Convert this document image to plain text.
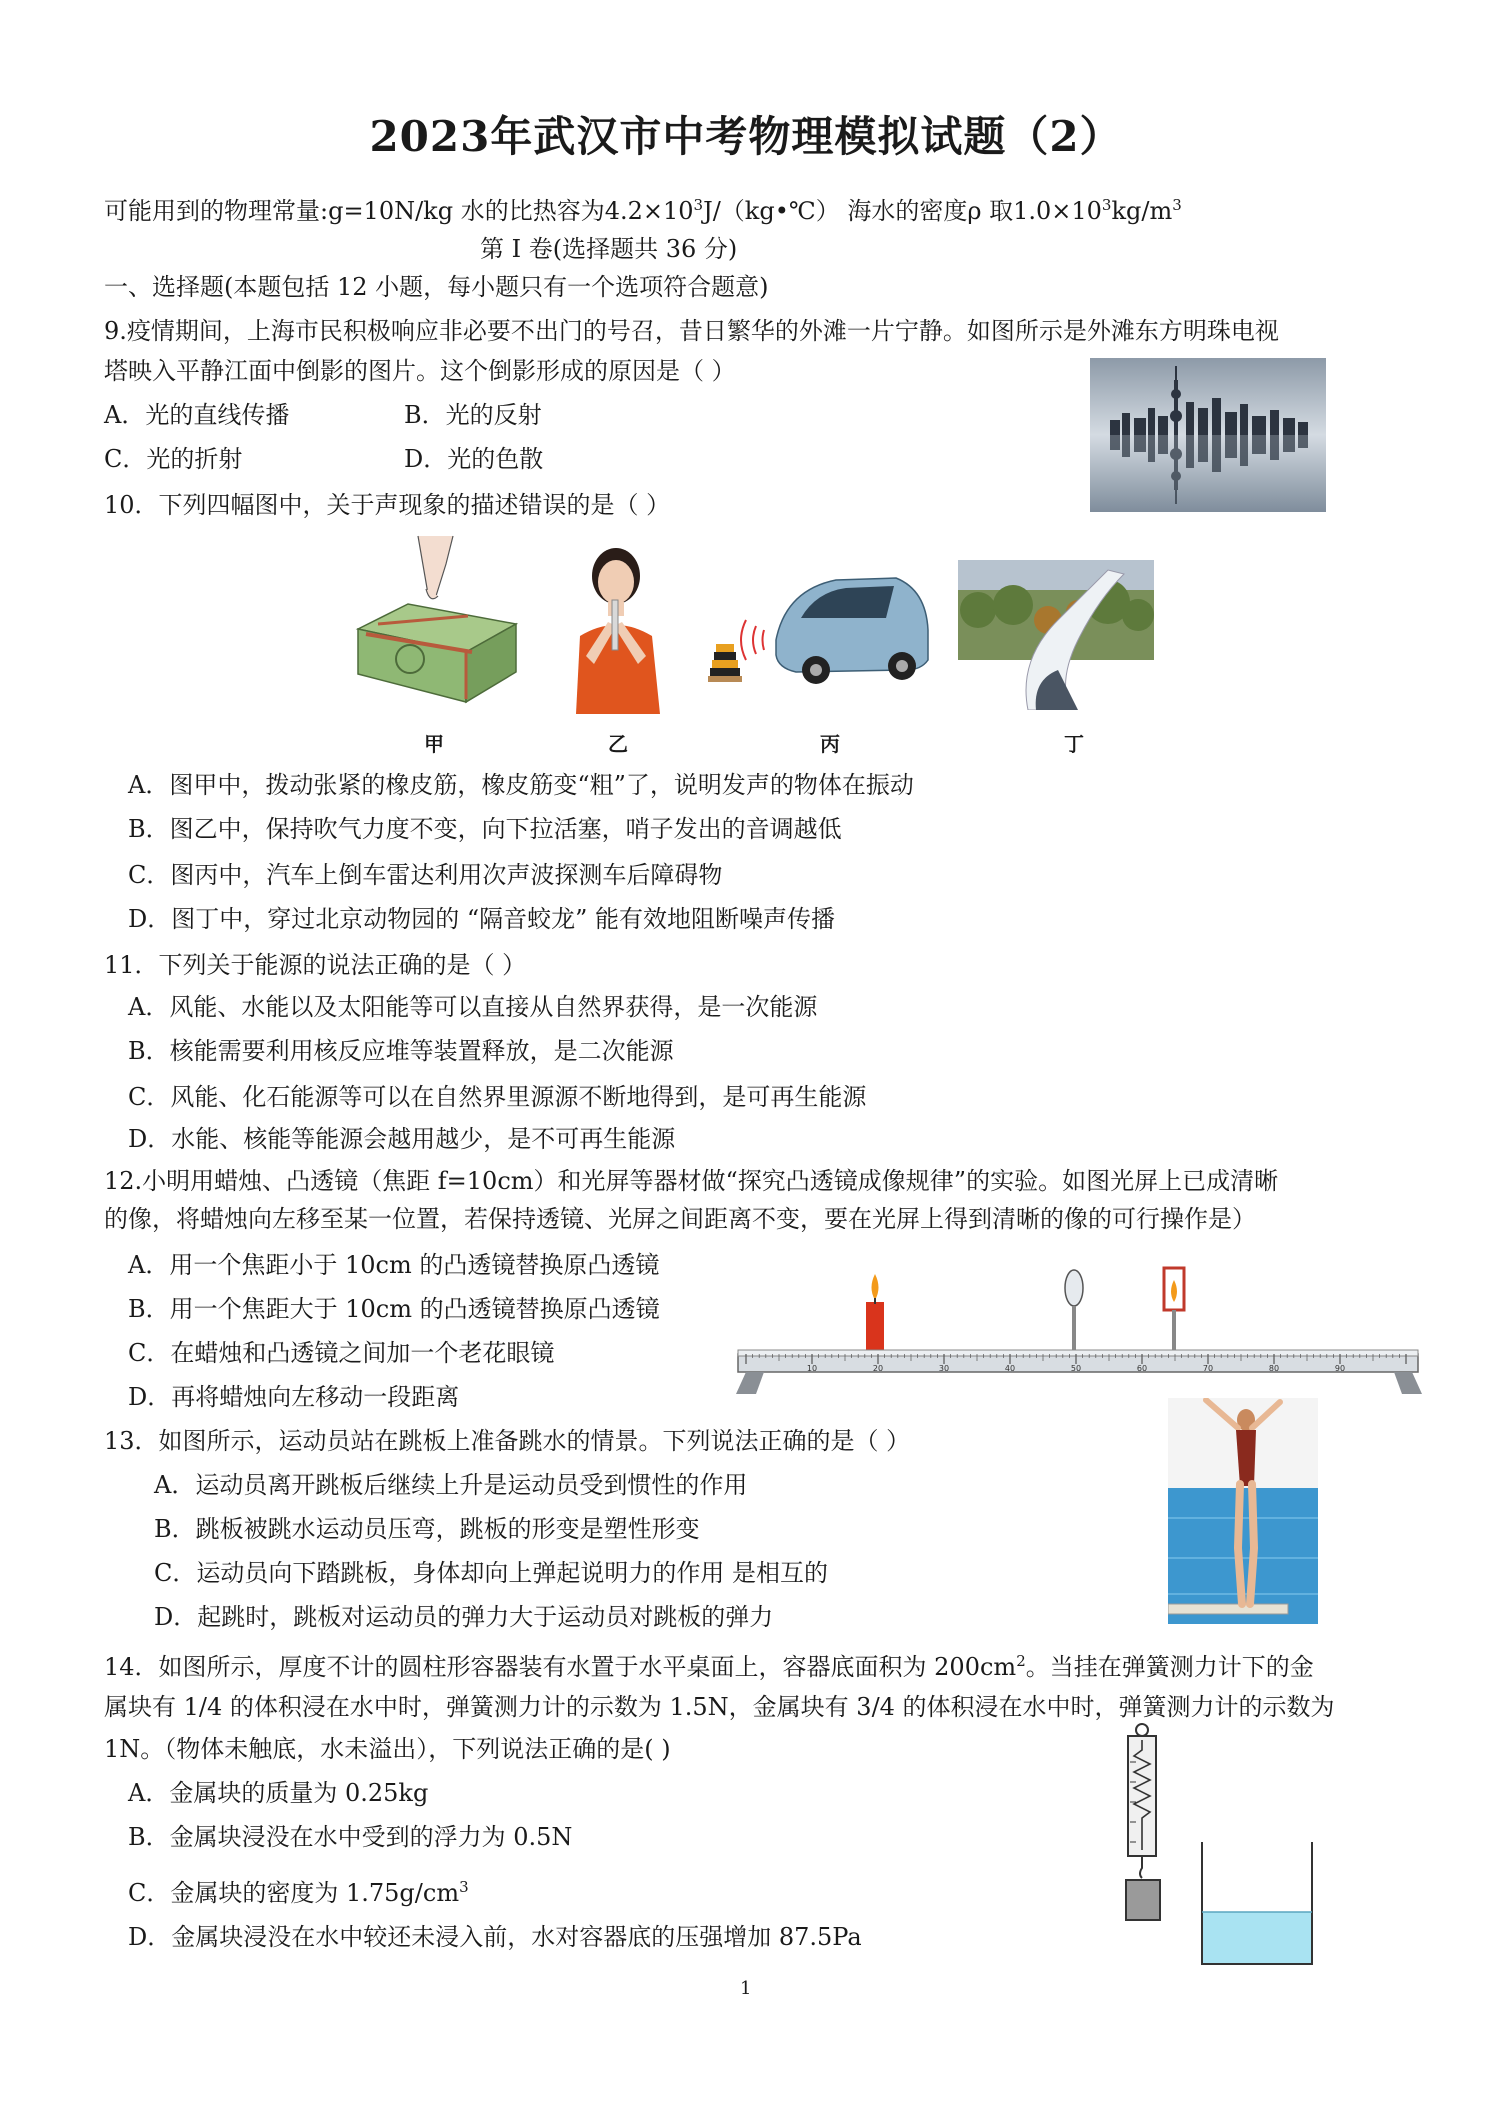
2023年武汉市中考物理模拟试题（2）
可能用到的物理常量:g=10N/kg 水的比热容为$4.2\times 10^3J/(kg•℃)$ 海水的密度ρ 取$1.0\times 10^3kg/m^3$
第 I 卷(选择题共 36 分)
一、选择题(本题包括 12 小题，每小题只有一个选项符合题意)
9.疫情期间，上海市民积极响应非必要不出门的号召，昔日繁华的外滩一片宁静。如图所示是外滩东方明珠电视
塔映入平静江面中倒影的图片。这个倒影形成的原因是（ ）
A．光的直线传播	B．光的反射
C．光的折射	D．光的色散
10．下列四幅图中，关于声现象的描述错误的是（ ）
甲	乙	丙	丁
A．图甲中，拨动张紧的橡皮筋，橡皮筋变“粗”了，说明发声的物体在振动
B．图乙中，保持吹气力度不变，向下拉活塞，哨子发出的音调越低
C．图丙中，汽车上倒车雷达利用次声波探测车后障碍物
D．图丁中，穿过北京动物园的 “隔音蛟龙” 能有效地阻断噪声传播
11．下列关于能源的说法正确的是（ ）
A．风能、水能以及太阳能等可以直接从自然界获得，是一次能源
B．核能需要利用核反应堆等装置释放，是二次能源
C．风能、化石能源等可以在自然界里源源不断地得到，是可再生能源
D．水能、核能等能源会越用越少，是不可再生能源
12.小明用蜡烛、凸透镜（焦距 f=10cm）和光屏等器材做“探究凸透镜成像规律”的实验。如图光屏上已成清晰
的像，将蜡烛向左移至某一位置，若保持透镜、光屏之间距离不变，要在光屏上得到清晰的像的可行操作是）
A．用一个焦距小于 10cm 的凸透镜替换原凸透镜
B．用一个焦距大于 10cm 的凸透镜替换原凸透镜
C．在蜡烛和凸透镜之间加一个老花眼镜
D．再将蜡烛向左移动一段距离
10	20	30	40	50	60	70	80	90
13．如图所示，运动员站在跳板上准备跳水的情景。下列说法正确的是（ ）
A．运动员离开跳板后继续上升是运动员受到惯性的作用
B．跳板被跳水运动员压弯，跳板的形变是塑性形变
C．运动员向下踏跳板，身体却向上弹起说明力的作用 是相互的
D．起跳时，跳板对运动员的弹力大于运动员对跳板的弹力
14．如图所示，厚度不计的圆柱形容器装有水置于水平桌面上，容器底面积为 $200cm^2$。当挂在弹簧测力计下的金
属块有 1/4 的体积浸在水中时，弹簧测力计的示数为 1.5N，金属块有 3/4 的体积浸在水中时，弹簧测力计的示数为
1N。（物体未触底，水未溢出），下列说法正确的是( )
A．金属块的质量为 0.25kg
B．金属块浸没在水中受到的浮力为 0.5N
C．金属块的密度为 $1.75g/cm^3$
D．金属块浸没在水中较还未浸入前，水对容器底的压强增加 87.5Pa
1
